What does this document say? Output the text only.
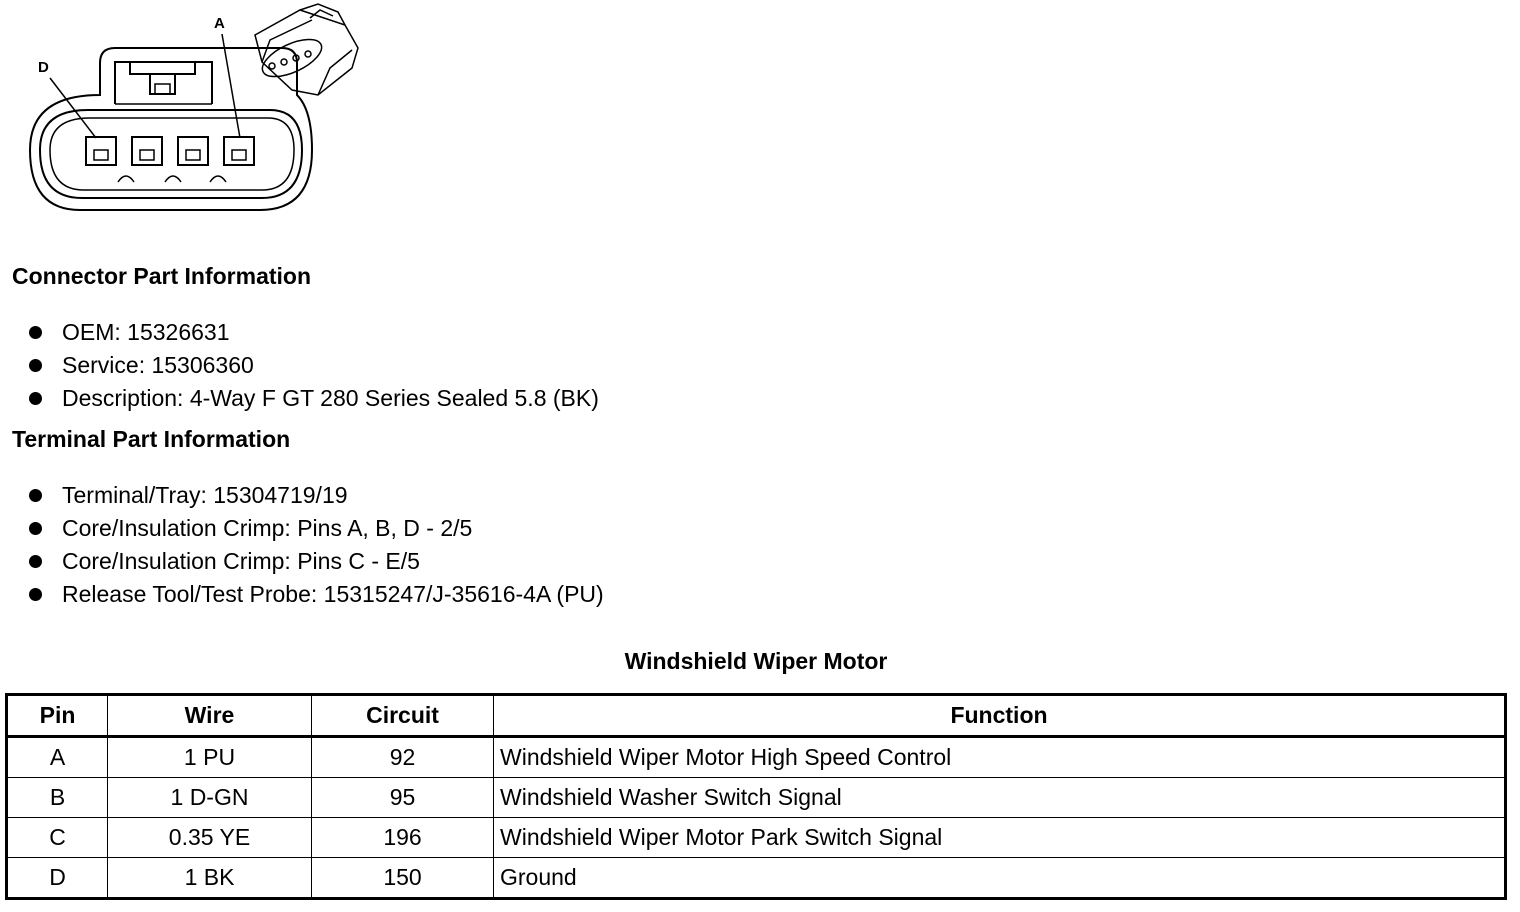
D
A
Connector Part Information
OEM: 15326631
Service: 15306360
Description: 4-Way F GT 280 Series Sealed 5.8 (BK)
Terminal Part Information
Terminal/Tray: 15304719/19
Core/Insulation Crimp: Pins A, B, D - 2/5
Core/Insulation Crimp: Pins C - E/5
Release Tool/Test Probe: 15315247/J-35616-4A (PU)
Windshield Wiper Motor
Pin	Wire	Circuit	Function
A	1 PU	92	Windshield Wiper Motor High Speed Control
B	1 D-GN	95	Windshield Washer Switch Signal
C	0.35 YE	196	Windshield Wiper Motor Park Switch Signal
D	1 BK	150	Ground
